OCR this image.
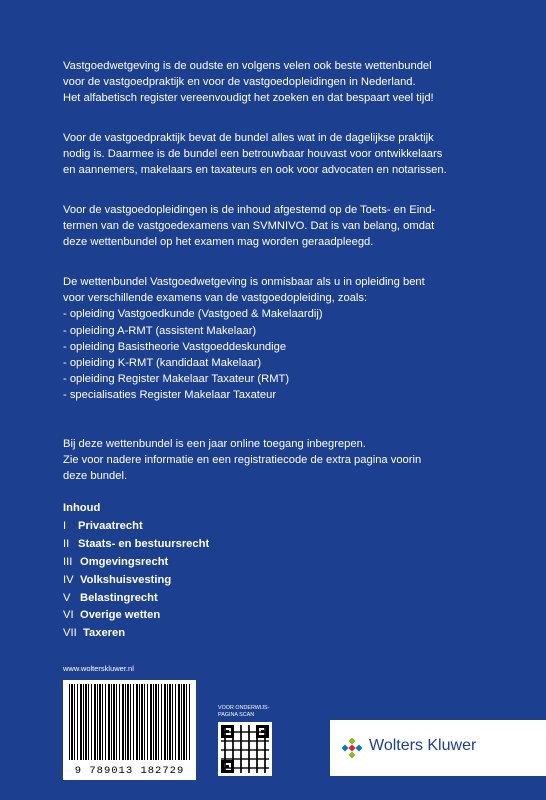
Vastgoedwetgeving is de oudste en volgens velen ook beste wettenbundel

voor de vastgoedpraktijk en voor de vastgoedopleidingen in Nederland.

Het alfabetisch register vereenvoudigt het zoeken en dat bespaart veel tijd!

Voor de vastgoedpraktijk bevat de bundel alles wat in de dagelijkse praktijk

nodig is. Daarmee is de bundel een betrouwbaar houvast voor ontwikkelaars

en aannemers, makelaars en taxateurs en ook voor advocaten en notarissen.

Voor de vastgoedopleidingen is de inhoud afgestemd op de Toets- en Eind-

termen van de vastgoedexamens van SVMNIVO. Dat is van belang, omdat

deze wettenbundel op het examen mag worden geraadpleegd.

De wettenbundel Vastgoedwetgeving is onmisbaar als u in opleiding bent

voor verschillende examens van de vastgoedopleiding, zoals:

- opleiding Vastgoedkunde (Vastgoed & Makelaardij)

- opleiding A-RMT (assistent Makelaar)

- opleiding Basistheorie Vastgoeddeskundige

- opleiding K-RMT (kandidaat Makelaar)

- opleiding Register Makelaar Taxateur (RMT)

- specialisaties Register Makelaar Taxateur

Bij deze wettenbundel is een jaar online toegang inbegrepen.

Zie voor nadere informatie en een registratiecode de extra pagina voorin

deze bundel.

Inhoud
I	Privaatrecht
II Staats- en bestuursrecht
III Omgevingsrecht
IV Volkshuisvesting
V Belastingrecht
VI Overige wetten
VII Taxeren
www.wolterskluwer.nl
9 789013 182729
VOOR ONDERWIJS-
PAGINA SCAN
Wolters Kluwer
